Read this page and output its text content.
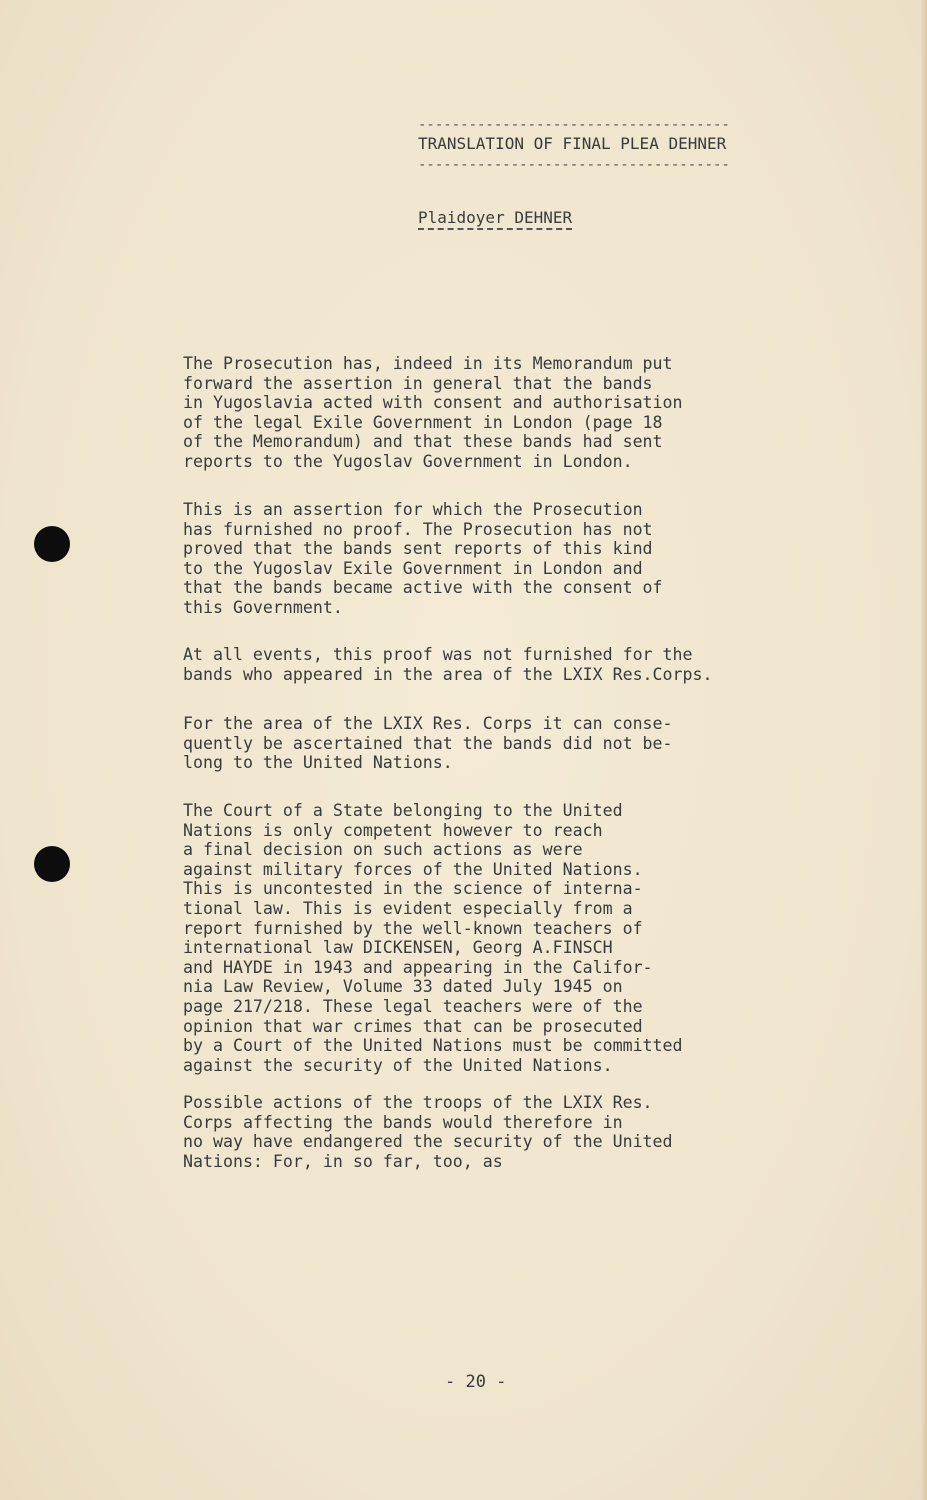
-------------------------------------
TRANSLATION OF FINAL PLEA DEHNER
-------------------------------------
Plaidoyer DEHNER
The Prosecution has, indeed in its Memorandum put
forward the assertion in general that the bands
in Yugoslavia acted with consent and authorisation
of the legal Exile Government in London (page 18
of the Memorandum) and that these bands had sent
reports to the Yugoslav Government in London.
This is an assertion for which the Prosecution
has furnished no proof. The Prosecution has not
proved that the bands sent reports of this kind
to the Yugoslav Exile Government in London and
that the bands became active with the consent of
this Government.
At all events, this proof was not furnished for the
bands who appeared in the area of the LXIX Res.Corps.
For the area of the LXIX Res. Corps it can conse-
quently be ascertained that the bands did not be-
long to the United Nations.
The Court of a State belonging to the United
Nations is only competent however to reach
a final decision on such actions as were
against military forces of the United Nations.
This is uncontested in the science of interna-
tional law. This is evident especially from a
report furnished by the well-known teachers of
international law DICKENSEN, Georg A.FINSCH
and HAYDE in 1943 and appearing in the Califor-
nia Law Review, Volume 33 dated July 1945 on
page 217/218. These legal teachers were of the
opinion that war crimes that can be prosecuted
by a Court of the United Nations must be committed
against the security of the United Nations.
Possible actions of the troops of the LXIX Res.
Corps affecting the bands would therefore in
no way have endangered the security of the United
Nations: For, in so far, too, as
- 20 -
